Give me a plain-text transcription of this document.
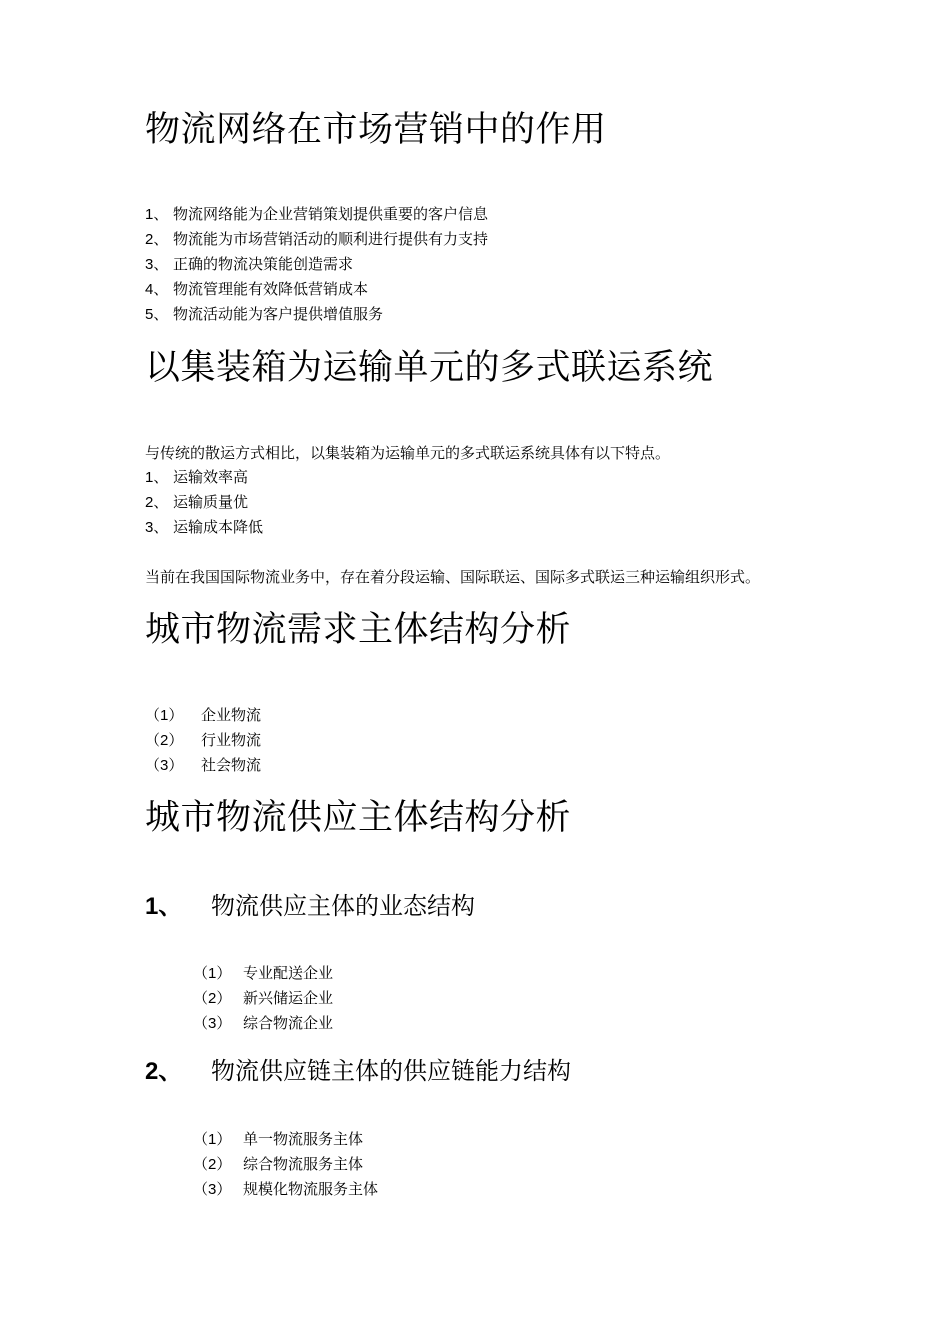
物流网络在市场营销中的作用
1、 物流网络能为企业营销策划提供重要的客户信息
2、 物流能为市场营销活动的顺利进行提供有力支持
3、 正确的物流决策能创造需求
4、 物流管理能有效降低营销成本
5、 物流活动能为客户提供增值服务
以集装箱为运输单元的多式联运系统
与传统的散运方式相比，以集装箱为运输单元的多式联运系统具体有以下特点。
1、 运输效率高
2、 运输质量优
3、 运输成本降低
当前在我国国际物流业务中，存在着分段运输、国际联运、国际多式联运三种运输组织形式。
城市物流需求主体结构分析
（1） 企业物流
（2） 行业物流
（3） 社会物流
城市物流供应主体结构分析
1、 物流供应主体的业态结构
（1） 专业配送企业
（2） 新兴储运企业
（3） 综合物流企业
2、 物流供应链主体的供应链能力结构
（1） 单一物流服务主体
（2） 综合物流服务主体
（3） 规模化物流服务主体
